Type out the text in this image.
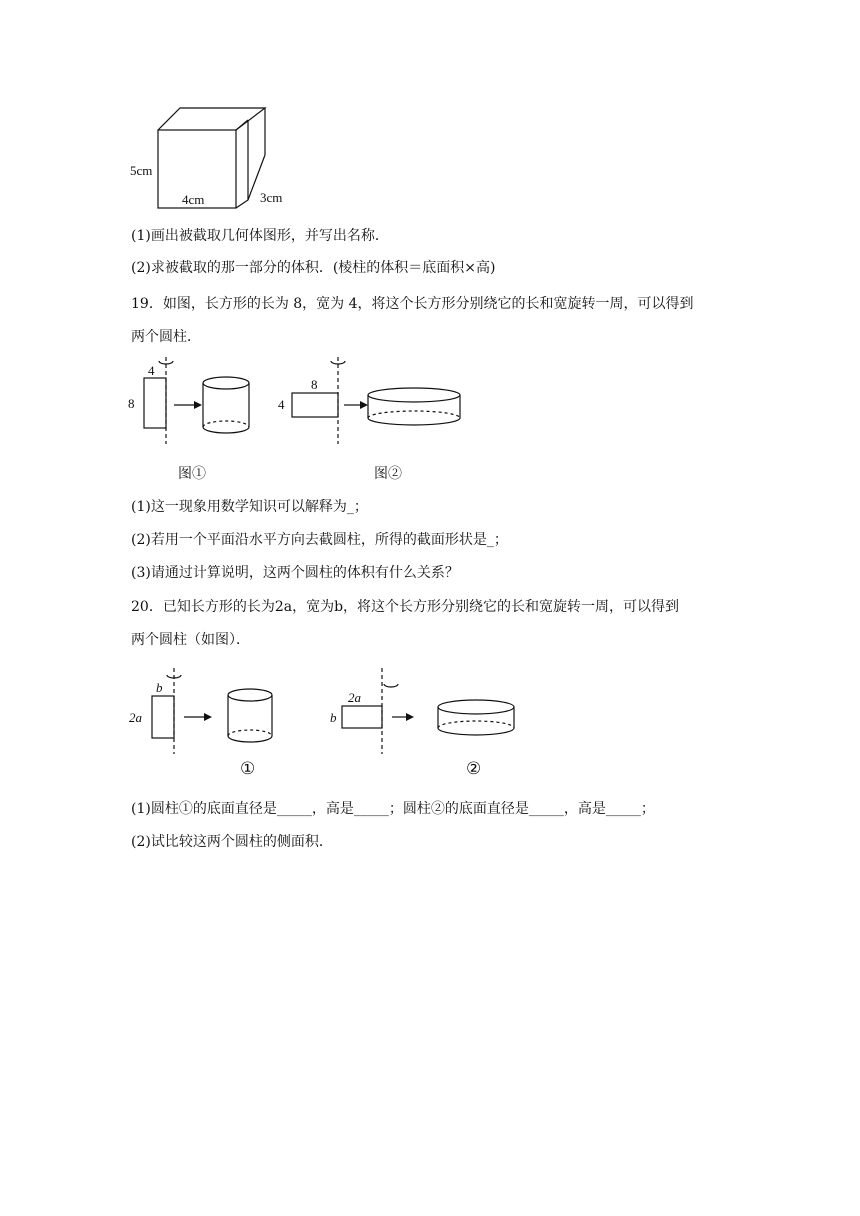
5cm
4cm	3cm
(1)画出被截取几何体图形，并写出名称．
(2)求被截取的那一部分的体积．(棱柱的体积＝底面积×高)
19．如图，长方形的长为 8，宽为 4，将这个长方形分别绕它的长和宽旋转一周，可以得到
两个圆柱．
4
8
8
4
图①	图②
(1)这一现象用数学知识可以解释为_；
(2)若用一个平面沿水平方向去截圆柱，所得的截面形状是_；
(3)请通过计算说明，这两个圆柱的体积有什么关系？
20．已知长方形的长为2a，宽为b，将这个长方形分别绕它的长和宽旋转一周，可以得到
两个圆柱（如图）．
b
2a
2a
b
①	②
(1)圆柱①的底面直径是_____，高是_____；圆柱②的底面直径是_____，高是_____；
(2)试比较这两个圆柱的侧面积．
